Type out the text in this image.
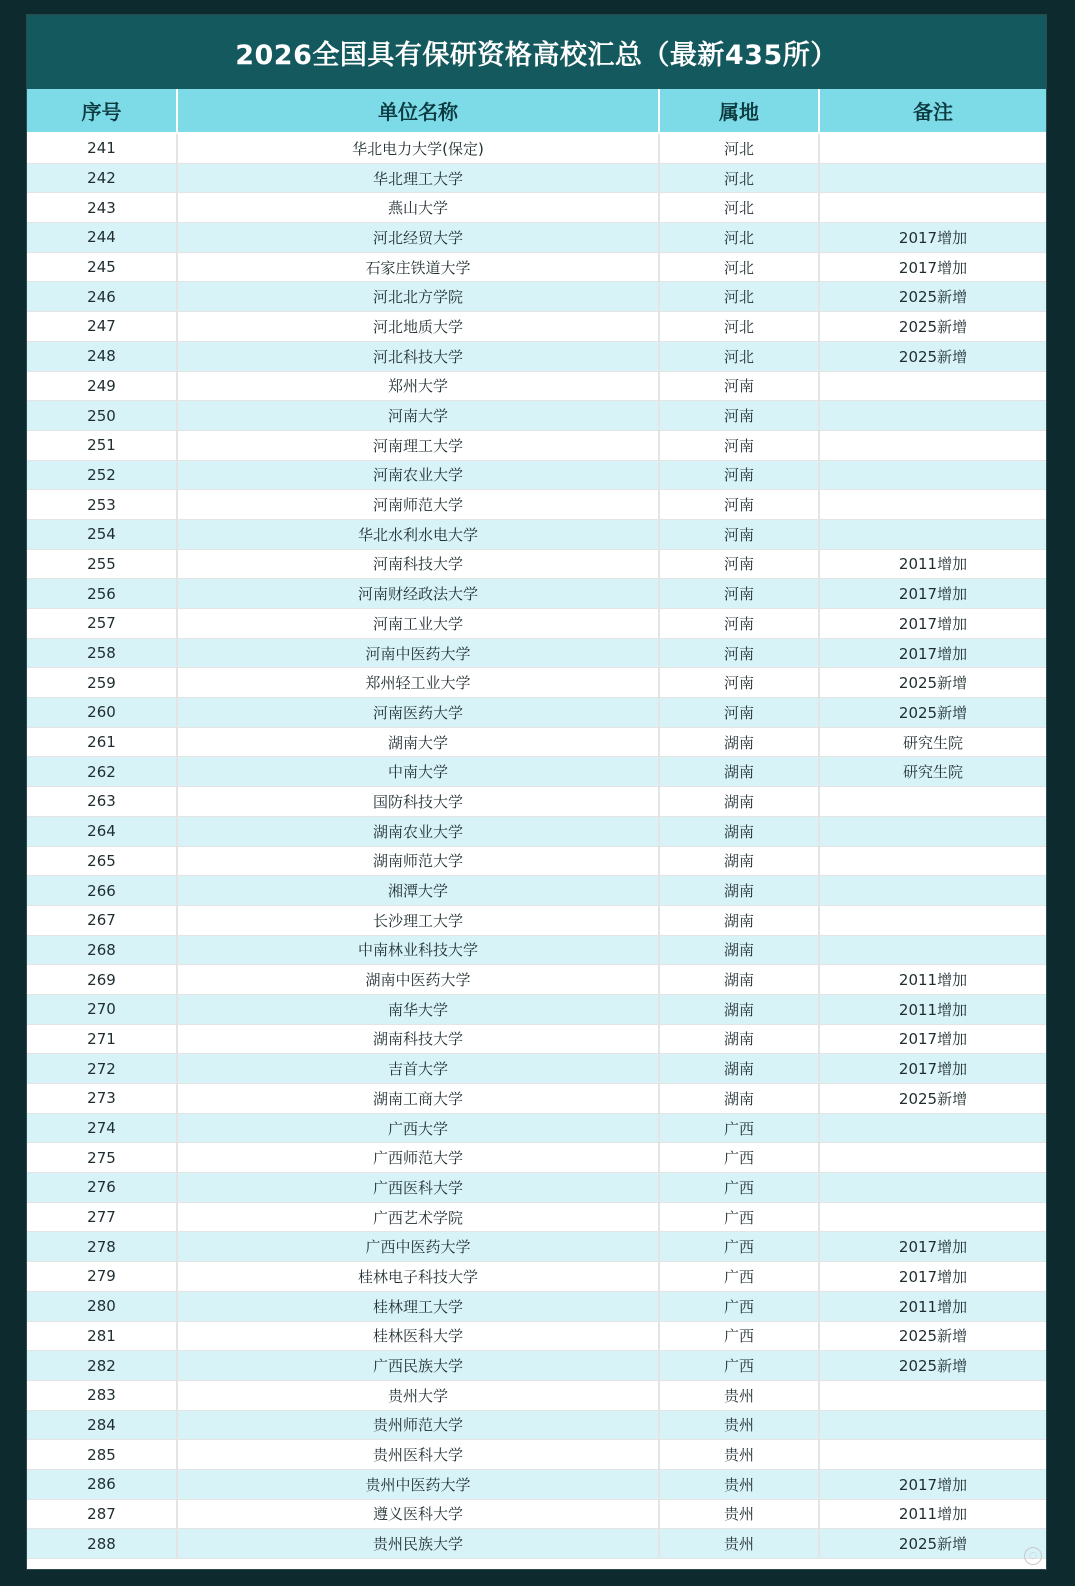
2026全国具有保研资格高校汇总（最新435所）
序号	单位名称	属地	备注
241	华北电力大学(保定)	河北	
242	华北理工大学	河北	
243	燕山大学	河北	
244	河北经贸大学	河北	2017增加
245	石家庄铁道大学	河北	2017增加
246	河北北方学院	河北	2025新增
247	河北地质大学	河北	2025新增
248	河北科技大学	河北	2025新增
249	郑州大学	河南	
250	河南大学	河南	
251	河南理工大学	河南	
252	河南农业大学	河南	
253	河南师范大学	河南	
254	华北水利水电大学	河南	
255	河南科技大学	河南	2011增加
256	河南财经政法大学	河南	2017增加
257	河南工业大学	河南	2017增加
258	河南中医药大学	河南	2017增加
259	郑州轻工业大学	河南	2025新增
260	河南医药大学	河南	2025新增
261	湖南大学	湖南	研究生院
262	中南大学	湖南	研究生院
263	国防科技大学	湖南	
264	湖南农业大学	湖南	
265	湖南师范大学	湖南	
266	湘潭大学	湖南	
267	长沙理工大学	湖南	
268	中南林业科技大学	湖南	
269	湖南中医药大学	湖南	2011增加
270	南华大学	湖南	2011增加
271	湖南科技大学	湖南	2017增加
272	吉首大学	湖南	2017增加
273	湖南工商大学	湖南	2025新增
274	广西大学	广西	
275	广西师范大学	广西	
276	广西医科大学	广西	
277	广西艺术学院	广西	
278	广西中医药大学	广西	2017增加
279	桂林电子科技大学	广西	2017增加
280	桂林理工大学	广西	2011增加
281	桂林医科大学	广西	2025新增
282	广西民族大学	广西	2025新增
283	贵州大学	贵州	
284	贵州师范大学	贵州	
285	贵州医科大学	贵州	
286	贵州中医药大学	贵州	2017增加
287	遵义医科大学	贵州	2011增加
288	贵州民族大学	贵州	2025新增
◌
